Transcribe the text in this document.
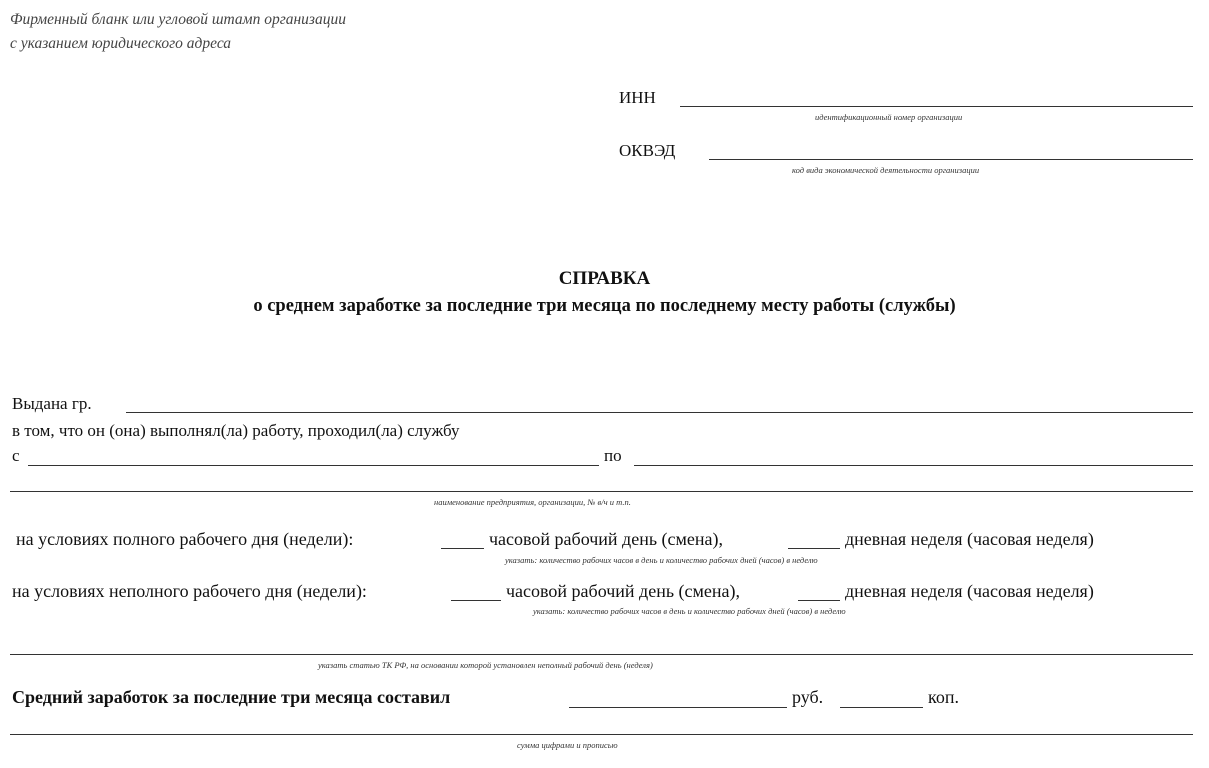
Фирменный бланк или угловой штамп организации
с указанием юридического адреса
ИНН
идентификационный номер организации
ОКВЭД
код вида экономической деятельности организации
СПРАВКА
о среднем заработке за последние три месяца по последнему месту работы (службы)
Выдана гр.
в том, что он (она) выполнял(ла) работу, проходил(ла) службу
с	по
наименование предприятия, организации, № в/ч и т.п.
на условиях полного рабочего дня (недели):	часовой рабочий день (смена),	дневная неделя (часовая неделя)
указать: количество рабочих часов в день и количество рабочих дней (часов) в неделю
на условиях неполного рабочего дня (недели):	часовой рабочий день (смена),	дневная неделя (часовая неделя)
указать: количество рабочих часов в день и количество рабочих дней (часов) в неделю
указать статью ТК РФ, на основании которой установлен неполный рабочий день (неделя)
Средний заработок за последние три месяца составил	руб.	коп.
сумма цифрами и прописью
